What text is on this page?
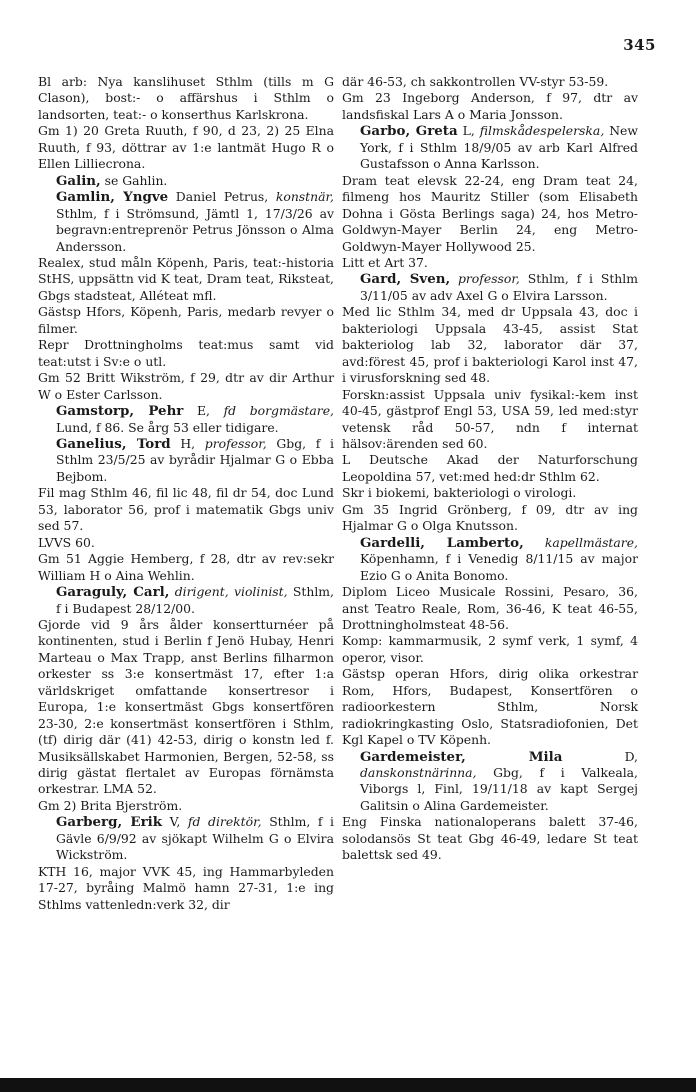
345
Bl arb: Nya kanslihuset Sthlm (tills m G Clason), bost:- o affärshus i Sthlm o landsorten, teat:- o konserthus Karlskrona.
Gm 1) 20 Greta Ruuth, f 90, d 23, 2) 25 Elna Ruuth, f 93, döttrar av 1:e lantmät Hugo R o Ellen Lilliecrona.
Galin, se Gahlin.
Gamlin, Yngve Daniel Petrus, konstnär, Sthlm, f i Strömsund, Jämtl 1, 17/3/26 av begravn:entreprenör Petrus Jönsson o Alma Andersson.
Realex, stud måln Köpenh, Paris, teat:-historia StHS, uppsättn vid K teat, Dram teat, Riksteat, Gbgs stadsteat, Alléteat mfl.
Gästsp Hfors, Köpenh, Paris, medarb revyer o filmer.
Repr Drottningholms teat:mus samt vid teat:utst i Sv:e o utl.
Gm 52 Britt Wikström, f 29, dtr av dir Arthur W o Ester Carlsson.
Gamstorp, Pehr E, fd borgmästare, Lund, f 86. Se årg 53 eller tidigare.
Ganelius, Tord H, professor, Gbg, f i Sthlm 23/5/25 av byrådir Hjalmar G o Ebba Bejbom.
Fil mag Sthlm 46, fil lic 48, fil dr 54, doc Lund 53, laborator 56, prof i matematik Gbgs univ sed 57.
LVVS 60.
Gm 51 Aggie Hemberg, f 28, dtr av rev:sekr William H o Aina Wehlin.
Garaguly, Carl, dirigent, violinist, Sthlm, f i Budapest 28/12/00.
Gjorde vid 9 års ålder konsertturnéer på kontinenten, stud i Berlin f Jenö Hubay, Henri Marteau o Max Trapp, anst Berlins filharmon orkester ss 3:e konsertmäst 17, efter 1:a världskriget omfattande konsertresor i Europa, 1:e konsertmäst Gbgs konsertfören 23-30, 2:e konsertmäst konsertfören i Sthlm, (tf) dirig där (41) 42-53, dirig o konstn led f. Musiksällskabet Harmonien, Bergen, 52-58, ss dirig gästat flertalet av Europas förnämsta orkestrar. LMA 52.
Gm 2) Brita Bjerström.
Garberg, Erik V, fd direktör, Sthlm, f i Gävle 6/9/92 av sjökapt Wilhelm G o Elvira Wickström.
KTH 16, major VVK 45, ing Hammarbyleden 17-27, byråing Malmö hamn 27-31, 1:e ing Sthlms vattenledn:verk 32, dir
där 46-53, ch sakkontrollen VV-styr 53-59.
Gm 23 Ingeborg Anderson, f 97, dtr av landsfiskal Lars A o Maria Jonsson.
Garbo, Greta L, filmskådespelerska, New York, f i Sthlm 18/9/05 av arb Karl Alfred Gustafsson o Anna Karlsson.
Dram teat elevsk 22-24, eng Dram teat 24, filmeng hos Mauritz Stiller (som Elisabeth Dohna i Gösta Berlings saga) 24, hos Metro-Goldwyn-Mayer Berlin 24, eng Metro-Goldwyn-Mayer Hollywood 25.
Litt et Art 37.
Gard, Sven, professor, Sthlm, f i Sthlm 3/11/05 av adv Axel G o Elvira Larsson.
Med lic Sthlm 34, med dr Uppsala 43, doc i bakteriologi Uppsala 43-45, assist Stat bakteriolog lab 32, laborator där 37, avd:förest 45, prof i bakteriologi Karol inst 47, i virusforskning sed 48.
Forskn:assist Uppsala univ fysikal:-kem inst 40-45, gästprof Engl 53, USA 59, led med:styr vetensk råd 50-57, ndn f internat hälsov:ärenden sed 60.
L Deutsche Akad der Naturforschung Leopoldina 57, vet:med hed:dr Sthlm 62.
Skr i biokemi, bakteriologi o virologi.
Gm 35 Ingrid Grönberg, f 09, dtr av ing Hjalmar G o Olga Knutsson.
Gardelli, Lamberto, kapellmästare, Köpenhamn, f i Venedig 8/11/15 av major Ezio G o Anita Bonomo.
Diplom Liceo Musicale Rossini, Pesaro, 36, anst Teatro Reale, Rom, 36-46, K teat 46-55, Drottningholmsteat 48-56.
Komp: kammarmusik, 2 symf verk, 1 symf, 4 operor, visor.
Gästsp operan Hfors, dirig olika orkestrar Rom, Hfors, Budapest, Konsertfören o radioorkestern Sthlm, Norsk radiokringkasting Oslo, Statsradiofonien, Det Kgl Kapel o TV Köpenh.
Gardemeister, Mila D, danskonstnärinna, Gbg, f i Valkeala, Viborgs l, Finl, 19/11/18 av kapt Sergej Galitsin o Alina Gardemeister.
Eng Finska nationaloperans balett 37-46, solodansös St teat Gbg 46-49, ledare St teat balettsk sed 49.
